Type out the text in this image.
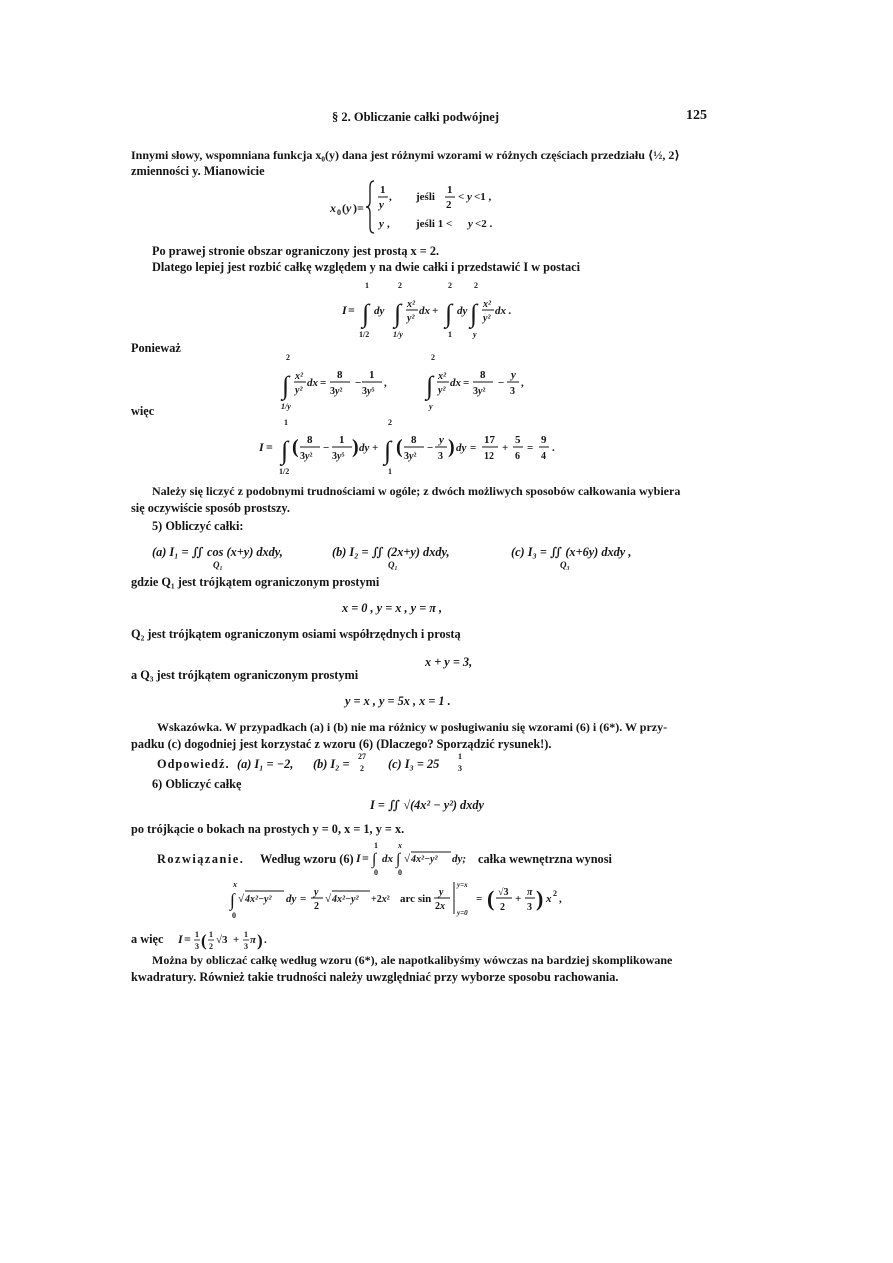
§ 2. Obliczanie całki podwójnej	125
Innymi słowy, wspomniana funkcja x₀(y) dana jest różnymi wzorami w różnych częściach przedziału ⟨½, 2⟩
zmienności y. Mianowicie
x 0 ( y )=
1
y
, jeśli
1
2
< y <1 ,
y , jeśli 1 < y <2 .
Po prawej stronie obszar ograniczony jest prostą x = 2.
Dlatego lepiej jest rozbić całkę względem y na dwie całki i przedstawić I w postaci
I = ∫
1
1/2
dy ∫
2
1/y
x²
y²
dx + ∫
2
1
dy ∫
2
y
x²
y²
dx .
Ponieważ
∫
2
1/y
x²
y²
dx =
8
3y²
−
1
3y⁵
, ∫
2
y
x²
y²
dx =
8
3y²
−
y
3
,
więc
I = ∫
1
1/2
( 8
3y²
−
1
3y⁵ ) dy + ∫
2
1
( 8
3y²
−
y
3 ) dy =
17
12
+
5
6
=
9
4
.
Należy się liczyć z podobnymi trudnościami w ogóle; z dwóch możliwych sposobów całkowania wybiera
się oczywiście sposób prostszy.
5) Obliczyć całki:
(a) I₁ = ∬ cos (x+y) dxdy,	(b) I₂ = ∬ (2x+y) dxdy,	(c) I₃ = ∬ (x+6y) dxdy ,
Q₁	Q₁	Q₃
gdzie Q₁ jest trójkątem ograniczonym prostymi
x = 0 , y = x , y = π ,
Q₂ jest trójkątem ograniczonym osiami współrzędnych i prostą
x + y = 3,
a Q₃ jest trójkątem ograniczonym prostymi
y = x , y = 5x , x = 1 .
Wskazówka. W przypadkach (a) i (b) nie ma różnicy w posługiwaniu się wzorami (6) i (6*). W przy-
padku (c) dogodniej jest korzystać z wzoru (6) (Dlaczego? Sporządzić rysunek!).
Odpowiedź. (a) I₁ = −2, (b) I₂ =
27
2 (c) I₃ = 25
1
3
6) Obliczyć całkę
I = ∬ √(4x² − y²) dxdy
po trójkącie o bokach na prostych y = 0, x = 1, y = x.
Rozwiązanie. Według wzoru (6) I = ∫
1
0
dx ∫
x
0
√ 4x²−y² dy; całka wewnętrzna wynosi
∫
x
0
√ 4x²−y² dy =
y
2
√ 4x²−y² +2x² arc sin
y
2x
y=x
y=0
= ( √3
2
+
π
3 ) x 2 ,
a więc I = 1
3 ( 1
2
√3 + 1
3
π ) .
Można by obliczać całkę według wzoru (6*), ale napotkalibyśmy wówczas na bardziej skomplikowane
kwadratury. Również takie trudności należy uwzględniać przy wyborze sposobu rachowania.
